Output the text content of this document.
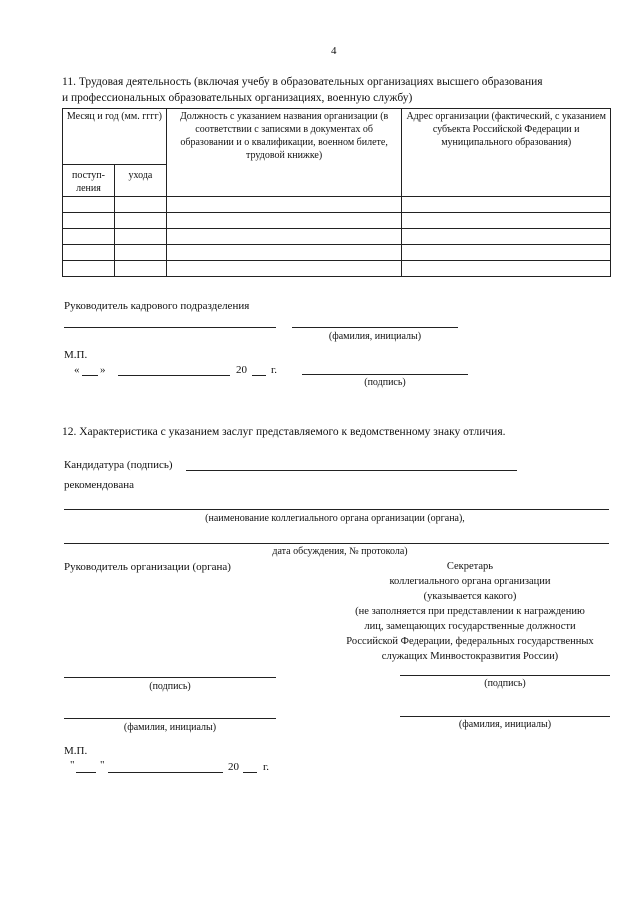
4
11. Трудовая деятельность (включая учебу в образовательных организациях высшего образования
и профессиональных образовательных организациях, военную службу)
Месяц и год (мм. гггг)		Должность с указанием названия организации (в соответствии с записями в документах об образовании и о квалификации, военном билете, трудовой книжке)	Адрес организации (фактический, с указанием субъекта Российской Федерации и муниципального образования)
поступ-ления	ухода		

Руководитель кадрового подразделения
(фамилия, инициалы)
М.П.
« »	20 г.
(подпись)
12. Характеристика с указанием заслуг представляемого к ведомственному знаку отличия.
Кандидатура (подпись)
рекомендована
(наименование коллегиального органа организации (органа),
дата обсуждения, № протокола)
Руководитель организации (органа)	Секретарь
коллегиального органа организации
(указывается какого)
(не заполняется при представлении к награждению
лиц, замещающих государственные должности
Российской Федерации, федеральных государственных
служащих Минвостокразвития России)
(подпись)	(подпись)
(фамилия, инициалы)	(фамилия, инициалы)
М.П.
" "	20 г.
